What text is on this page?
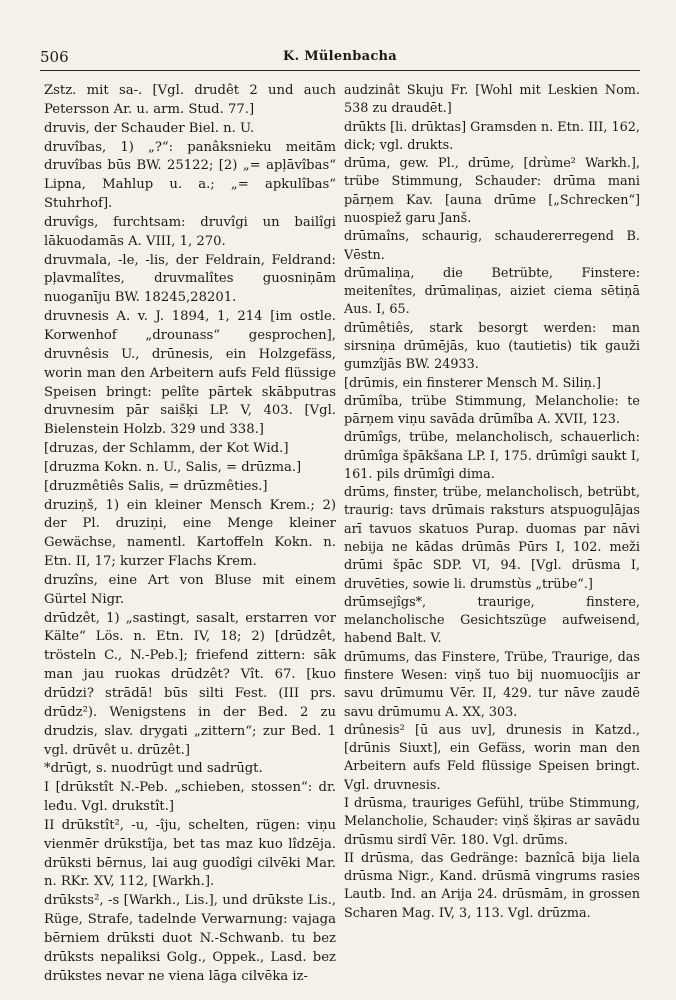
506	K. Mülenbacha

Zstz. mit sa-. [Vgl. drudêt 2 und auch Petersson Ar. u. arm. Stud. 77.]

druvis, der Schauder Biel. n. U.

druvîbas, 1) „?“: panâksnieku meitām druvîbas būs BW. 25122; [2) „= apļāvîbas“ Lipna, Mahlup u. a.; „= apkulîbas“ Stuhrhof].

druvîgs, furchtsam: druvîgi un bailîgi lākuodamās A. VIII, 1, 270.

druvmala, -le, -lis, der Feldrain, Feldrand: pļavmalîtes, druvmalîtes guosniņām nuoganīju BW. 18245,28201.

druvnesis A. v. J. 1894, 1, 214 [im ostle. Korwenhof „drounass“ gesprochen], druvnêsis U., drūnesis, ein Holzgefäss, worin man den Arbeitern aufs Feld flüssige Speisen bringt: pelîte pārtek skābputras druvnesim pār saišķi LP. V, 403. [Vgl. Bielenstein Holzb. 329 und 338.]

[druzas, der Schlamm, der Kot Wid.]

[druzma Kokn. n. U., Salis, = drūzma.]

[druzmêtiês Salis, = drūzmêties.]

druziņš, 1) ein kleiner Mensch Krem.; 2) der Pl. druziņi, eine Menge kleiner Gewächse, namentl. Kartoffeln Kokn. n. Etn. II, 17; kurzer Flachs Krem.

druzîns, eine Art von Bluse mit einem Gürtel Nigr.

drūdzêt, 1) „sastingt, sasalt, erstarren vor Kälte“ Lös. n. Etn. IV, 18; 2) [drūdzêt, trösteln C., N.-Peb.]; friefend zittern: sāk man jau ruokas drūdzêt? Vît. 67. [kuo drūdzi? strādā! būs silti Fest. (III prs. drūdz²). Wenigstens in der Bed. 2 zu drudzis, slav. drygati „zittern“; zur Bed. 1 vgl. drūvêt u. drūzêt.]

*drūgt, s. nuodrūgt und sadrūgt.

I [drūkstît N.-Peb. „schieben, stossen“: dr. leđu. Vgl. drukstît.]

II drūkstît², -u, -îju, schelten, rügen: viņu vienmēr drūkstîja, bet tas maz kuo lîdzēja. drūksti bērnus, lai aug guodîgi cilvēki Mar. n. RKr. XV, 112, [Warkh.].

drūksts², -s [Warkh., Lis.], und drūkste Lis., Rüge, Strafe, tadelnde Verwarnung: vajaga bērniem drūksti duot N.-Schwanb. tu bez drūksts nepaliksi Golg., Oppek., Lasd. bez drūkstes nevar ne viena lāga cilvēka iz-

audzinât Skuju Fr. [Wohl mit Leskien Nom. 538 zu draudēt.]

drūkts [li. drūktas] Gramsden n. Etn. III, 162, dick; vgl. drukts.

drūma, gew. Pl., drūme, [drùme² Warkh.], trübe Stimmung, Schauder: drūma mani pārņem Kav. [auna drūme [„Schrecken“] nuospiež garu Janš.

drūmaîns, schaurig, schaudererregend B. Vēstn.

drūmaliņa, die Betrübte, Finstere: meitenîtes, drūmaliņas, aiziet ciema sētiņā Aus. I, 65.

drūmêtiês, stark besorgt werden: man sirsniņa drūmējās, kuo (tautietis) tik gauži gumzîjās BW. 24933.

[drūmis, ein finsterer Mensch M. Siliņ.]

drūmîba, trübe Stimmung, Melancholie: te pārņem viņu savāda drūmîba A. XVII, 123.

drūmîgs, trübe, melancholisch, schauerlich: drūmîga špākšana LP. I, 175. drūmîgi saukt I, 161. pils drūmîgi dima.

drūms, finster, trübe, melancholisch, betrübt, traurig: tavs drūmais raksturs atspuoguļājas arī tavuos skatuos Purap. duomas par nāvi nebija ne kādas drūmās Pūrs I, 102. meži drūmi špāc SDP. VI, 94. [Vgl. drūsma I, druvēties, sowie li. drumstùs „trübe“.]

drūmsejîgs*, traurige, finstere, melancholische Gesichtszüge aufweisend, habend Balt. V.

drūmums, das Finstere, Trübe, Traurige, das finstere Wesen: viņš tuo bij nuomuocîjis ar savu drūmumu Vēr. II, 429. tur nāve zaudē savu drūmumu A. XX, 303.

drûnesis² [ū aus uv], drunesis in Katzd., [drūnis Siuxt], ein Gefäss, worin man den Arbeitern aufs Feld flüssige Speisen bringt. Vgl. druvnesis.

I drūsma, trauriges Gefühl, trübe Stimmung, Melancholie, Schauder: viņš šķiras ar savādu drūsmu sirdî Vēr. 180. Vgl. drūms.

II drūsma, das Gedränge: baznîcā bija liela drūsma Nigr., Kand. drūsmā vingrums rasies Lautb. Ind. an Arija 24. drūsmām, in grossen Scharen Mag. IV, 3, 113. Vgl. drūzma.
